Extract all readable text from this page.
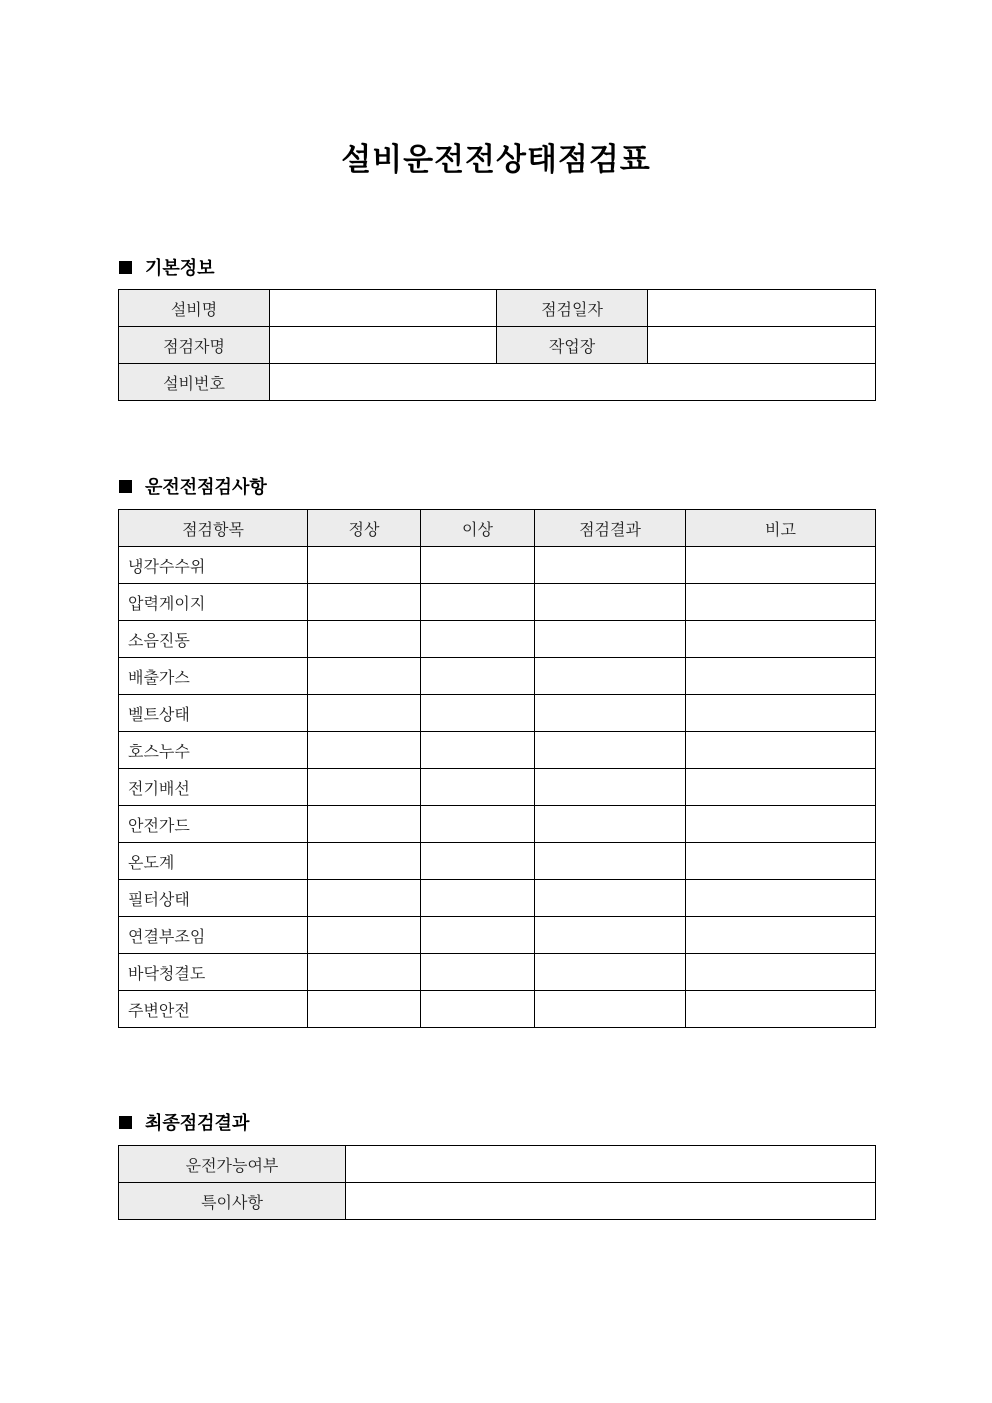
설비운전전상태점검표
기본정보
설비명		점검일자	
점검자명		작업장	
설비번호			
운전전점검사항
점검항목	정상	이상	점검결과	비고
냉각수수위				
압력게이지				
소음진동				
배출가스				
벨트상태				
호스누수				
전기배선				
안전가드				
온도계				
필터상태				
연결부조임				
바닥청결도				
주변안전				
최종점검결과
운전가능여부	
특이사항	
